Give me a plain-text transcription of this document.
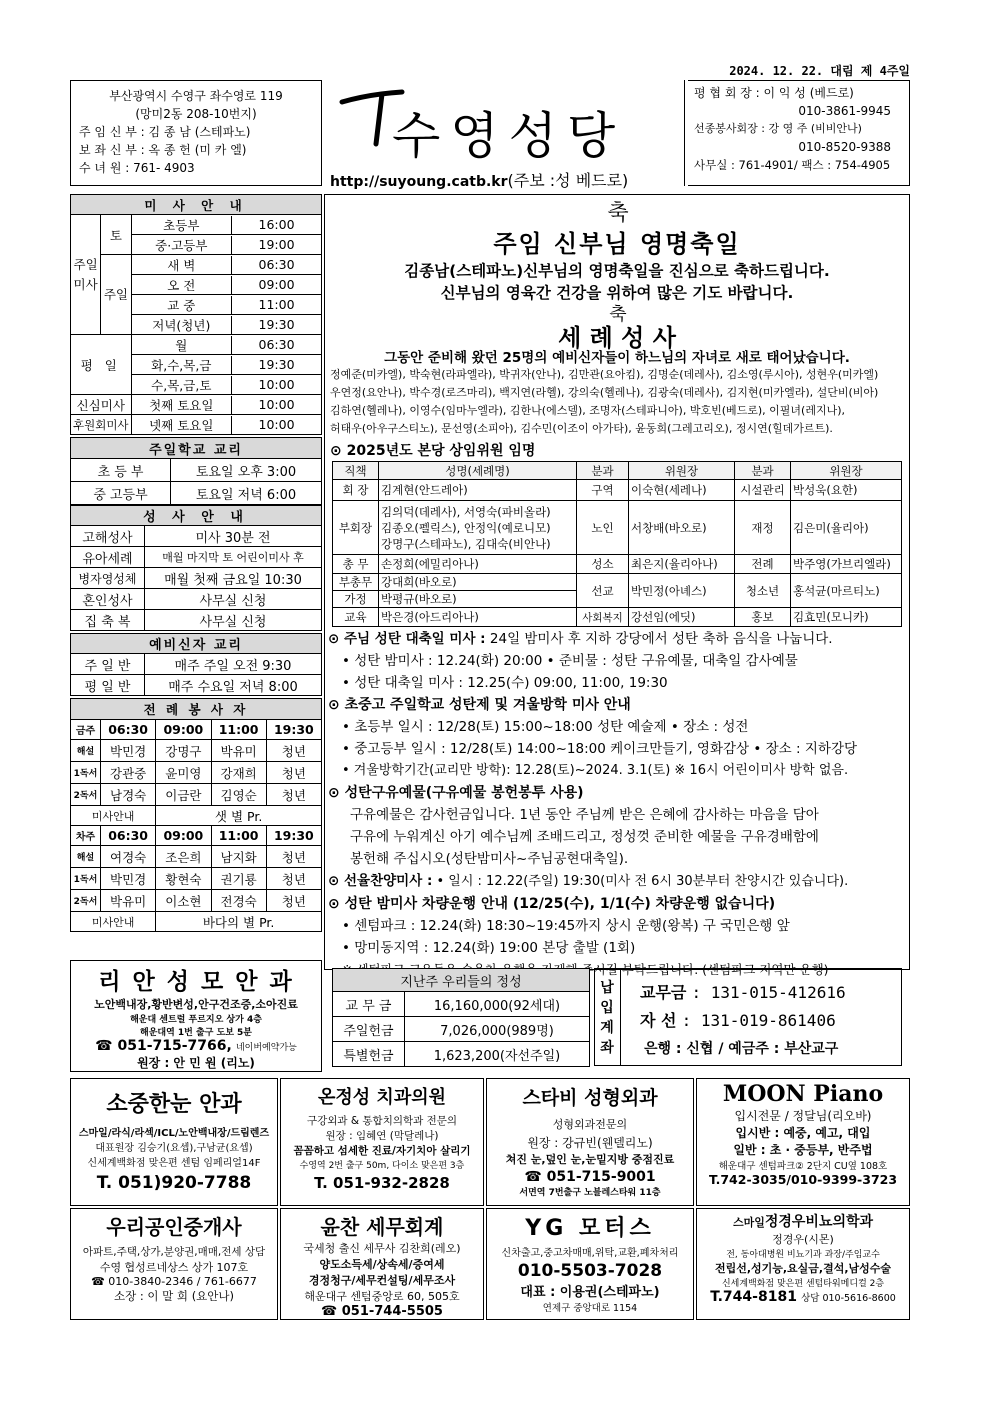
2024. 12. 22. 대림 제 4주일
부산광역시 수영구 좌수영로 119
(망미2동 208-10번지)
주 임 신 부 : 김 종 남 (스테파노)
보 좌 신 부 : 옥 종 헌 (미 카 엘)
수 녀 원 : 761- 4903
수영성당
http://suyoung.catb.kr(주보 :성 베드로)
평 협 회 장 : 이 익 성 (베드로)
010-3861-9945
선종봉사회장 : 강 영 주 (비비안나)
010-8520-9388
사무실 : 761-4901/ 팩스 : 754-4905
미 사 안 내
주일미사	토	
초등부	16:00

중·고등부	19:00

주일	
새 벽	06:30

오 전	09:00

교 중	11:00

저녁(청년)	19:30

평 일	
월	06:30

화,수,목,금	19:30

수,목,금,토	10:00

신심미사	첫째 토요일	10:00

후원회미사	넷째 토요일	10:00
주일학교 교리	
초 등 부	토요일 오후 3:00
중 고등부	토요일 저녁 6:00
성 사 안 내	
고해성사	미사 30분 전
유아세례	매월 마지막 토 어린이미사 후
병자영성체	매월 첫째 금요일 10:30
혼인성사	사무실 신청
집 축 복	사무실 신청
예비신자 교리	
주 일 반	매주 주일 오전 9:30
평 일 반	매주 수요일 저녁 8:00
전 례 봉 사 자				
금주	06:30	09:00	11:00	19:30
해설	박민경	강명구	박유미	청년
1독서	강관중	윤미영	강재희	청년
2독서	남경숙	이금란	김영순	청년
미사안내		샛 별 Pr.		
차주	06:30	09:00	11:00	19:30
해설	여경숙	조은희	남지화	청년
1독서	박민경	황현숙	권기룡	청년
2독서	박유미	이소현	전경숙	청년
미사안내		바다의 별 Pr.		
리 안 성 모 안 과
노안백내장,황반변성,안구건조증,소아진료
해운대 센트럴 푸르지오 상가 4층
해운대역 1번 출구 도보 5분
☎ 051-715-7766, 네이버예약가능
원장 : 안 민 원 (리노)
축
주임 신부님 영명축일
김종남(스테파노)신부님의 영명축일을 진심으로 축하드립니다.
신부님의 영육간 건강을 위하여 많은 기도 바랍니다.
축
세 례 성 사
그동안 준비해 왔던 25명의 예비신자들이 하느님의 자녀로 새로 태어났습니다.
정예준(미카엘), 박숙현(라파엘라), 박귀자(안나), 김만관(요아킴), 김명순(데레사), 김소영(루시아), 성현우(미카엘)
우연정(요안나), 박수경(로즈마리), 백지연(라헬), 강의숙(헬레나), 김광숙(데레사), 김지현(미카엘라), 설단비(비아)
김하연(헬레나), 이영수(임마누엘라), 김한나(에스델), 조명자(스테파니아), 박호빈(베드로), 이필녀(레지나),
허태우(아우구스티노), 문선영(소피아), 김수민(이조이 아가타), 윤동희(그레고리오), 정시연(힐데가르트).
⊙ 2025년도 본당 상임위원 임명
직책	성명(세례명)	분과	위원장	분과	위원장
회 장	김계현(안드레아)	구역	이숙현(세레나)	시설관리	박성욱(요한)
부회장	김의덕(데레사), 서영숙(파비올라)
김종오(펠릭스), 안정익(예로니모)
강명구(스테파노), 김대숙(비안나)	노인	서창배(바오로)	재정	김은미(율리아)
총 무	손정희(에밀리아나)	성소	최은지(율리아나)	전례	박주영(가브리엘라)
부총무	강대희(바오로)	선교	박민정(아녜스)	청소년	홍석균(마르티노)
가정	박평규(바오로)				
교육	박은경(아드리아나)	사회복지	강선임(에딧)	홍보	김효민(모니카)
⊙ 주님 성탄 대축일 미사 : 24일 밤미사 후 지하 강당에서 성탄 축하 음식을 나눕니다.
• 성탄 밤미사 : 12.24(화) 20:00 • 준비물 : 성탄 구유예물, 대축일 감사예물
• 성탄 대축일 미사 : 12.25(수) 09:00, 11:00, 19:30
⊙ 초중고 주일학교 성탄제 및 겨울방학 미사 안내
• 초등부 일시 : 12/28(토) 15:00~18:00 성탄 예술제 • 장소 : 성전
• 중고등부 일시 : 12/28(토) 14:00~18:00 케이크만들기, 영화감상 • 장소 : 지하강당
• 겨울방학기간(교리만 방학): 12.28(토)~2024. 3.1(토) ※ 16시 어린이미사 방학 없음.
⊙ 성탄구유예물(구유예물 봉헌봉투 사용)
구유예물은 감사헌금입니다. 1년 동안 주님께 받은 은혜에 감사하는 마음을 담아
구유에 누워계신 아기 예수님께 조배드리고, 정성껏 준비한 예물을 구유경배함에
봉헌해 주십시오(성탄밤미사~주님공현대축일).
⊙ 선율찬양미사 : • 일시 : 12.22(주일) 19:30(미사 전 6시 30분부터 찬양시간 있습니다).
⊙ 성탄 밤미사 차량운행 안내 (12/25(수), 1/1(수) 차량운행 없습니다)
• 센텀파크 : 12.24(화) 18:30~19:45까지 상시 운행(왕복) 구 국민은행 앞
• 망미동지역 : 12.24(화) 19:00 본당 출발 (1회)
※ 센텀파크 교우들은 승용차 운행을 자제해 주시길 부탁드립니다. (센텀파크 지역만 운행)
지난주 우리들의 정성	
교 무 금	16,160,000(92세대)
주일헌금	7,026,000(989명)
특별헌금	1,623,200(자선주일)
납
입
계
좌
교무금 : 131-015-412616
자 선 : 131-019-861406
은행 : 신협 / 예금주 : 부산교구
소중한눈 안과
스마일/라식/라섹/ICL/노안백내장/드림렌즈
대표원장 김승기(요셉),구남균(요셉)
신세계백화점 맞은편 센텀 임페리얼14F
T. 051)920-7788
온정성 치과의원
구강외과 & 통합치의학과 전문의
원장 : 임혜연 (막달레나)
꼼꼼하고 섬세한 진료/자기치아 살리기
수영역 2번 출구 50m, 다이소 맞은편 3층
T. 051-932-2828
스타비 성형외과
성형외과전문의
원장 : 강규빈(웬델리노)
쳐진 눈,덮인 눈,눈밑지방 중점진료
☎ 051-715-9001
서면역 7번출구 노블레스타워 11층
MOON Piano
입시전문 / 정달님(리오바)
입시반 : 예중, 예고, 대입
일반 : 초 · 중등부, 반주법
해운대구 센텀파크② 2단지 CU옆 108호
T.742-3035/010-9399-3723
우리공인중개사
아파트,주택,상가,분양권,매매,전세 상담
수영 협성르네상스 상가 107호
☎ 010-3840-2346 / 761-6677
소장 : 이 말 희 (요안나)
윤찬 세무회계
국세청 출신 세무사 김찬희(레오)
양도소득세/상속세/증여세
경정청구/세무컨설팅/세무조사
해운대구 센텀중앙로 60, 505호
☎ 051-744-5505
YG 모터스
신차출고,중고차매매,위탁,교환,폐차처리
010-5503-7028
대표 : 이용권(스테파노)
연제구 중앙대로 1154
스마일정경우비뇨의학과
정경우(시몬)
전, 동아대병원 비뇨기과 과장/주임교수
전립선,성기능,요실금,결석,남성수술
신세계백화점 맞은편 센텀타워메디컬 2층
T.744-8181 상담 010-5616-8600
